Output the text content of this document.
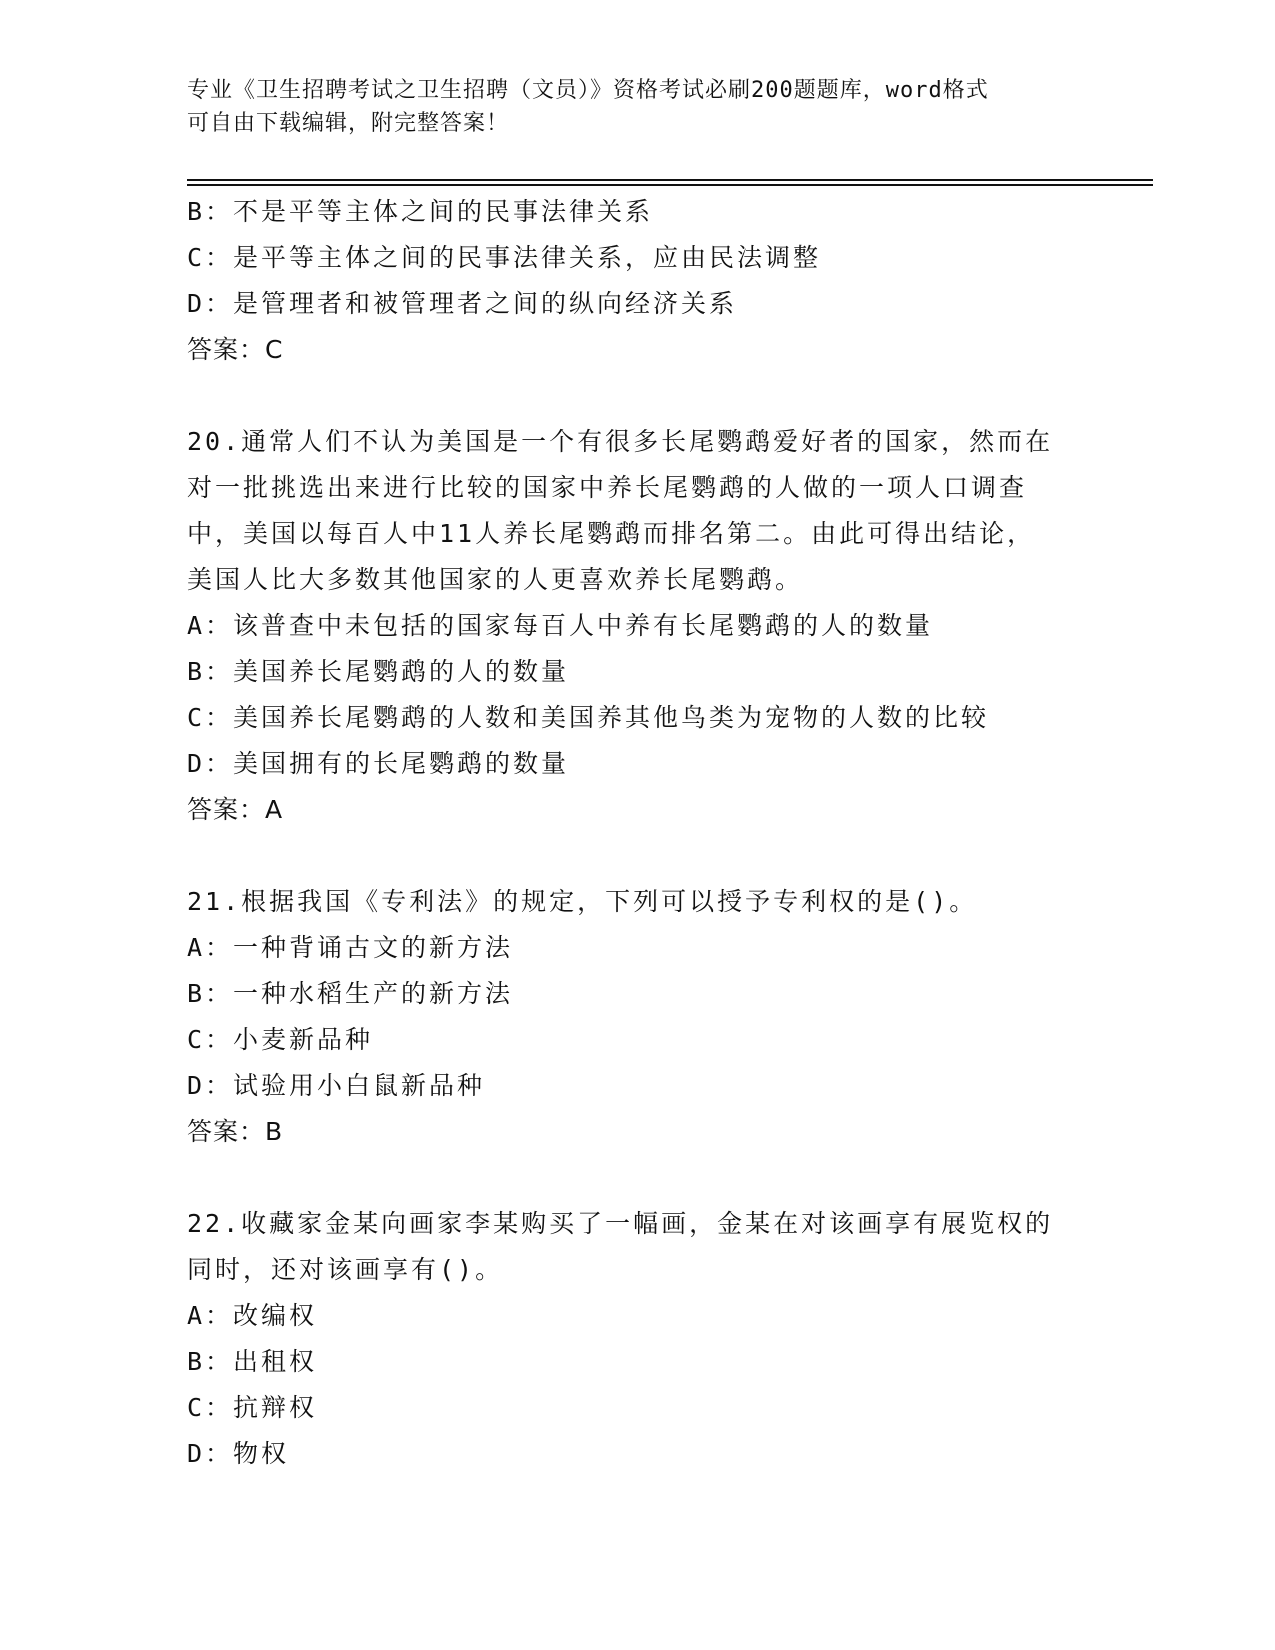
专业《卫生招聘考试之卫生招聘（文员）》资格考试必刷200题题库，word格式
可自由下载编辑，附完整答案！
B：不是平等主体之间的民事法律关系
C：是平等主体之间的民事法律关系，应由民法调整
D：是管理者和被管理者之间的纵向经济关系
答案：C
20.通常人们不认为美国是一个有很多长尾鹦鹉爱好者的国家，然而在
对一批挑选出来进行比较的国家中养长尾鹦鹉的人做的一项人口调查
中，美国以每百人中11人养长尾鹦鹉而排名第二。由此可得出结论，
美国人比大多数其他国家的人更喜欢养长尾鹦鹉。
A：该普查中未包括的国家每百人中养有长尾鹦鹉的人的数量
B：美国养长尾鹦鹉的人的数量
C：美国养长尾鹦鹉的人数和美国养其他鸟类为宠物的人数的比较
D：美国拥有的长尾鹦鹉的数量
答案：A
21.根据我国《专利法》的规定，下列可以授予专利权的是()。
A：一种背诵古文的新方法
B：一种水稻生产的新方法
C：小麦新品种
D：试验用小白鼠新品种
答案：B
22.收藏家金某向画家李某购买了一幅画，金某在对该画享有展览权的
同时，还对该画享有()。
A：改编权
B：出租权
C：抗辩权
D：物权
